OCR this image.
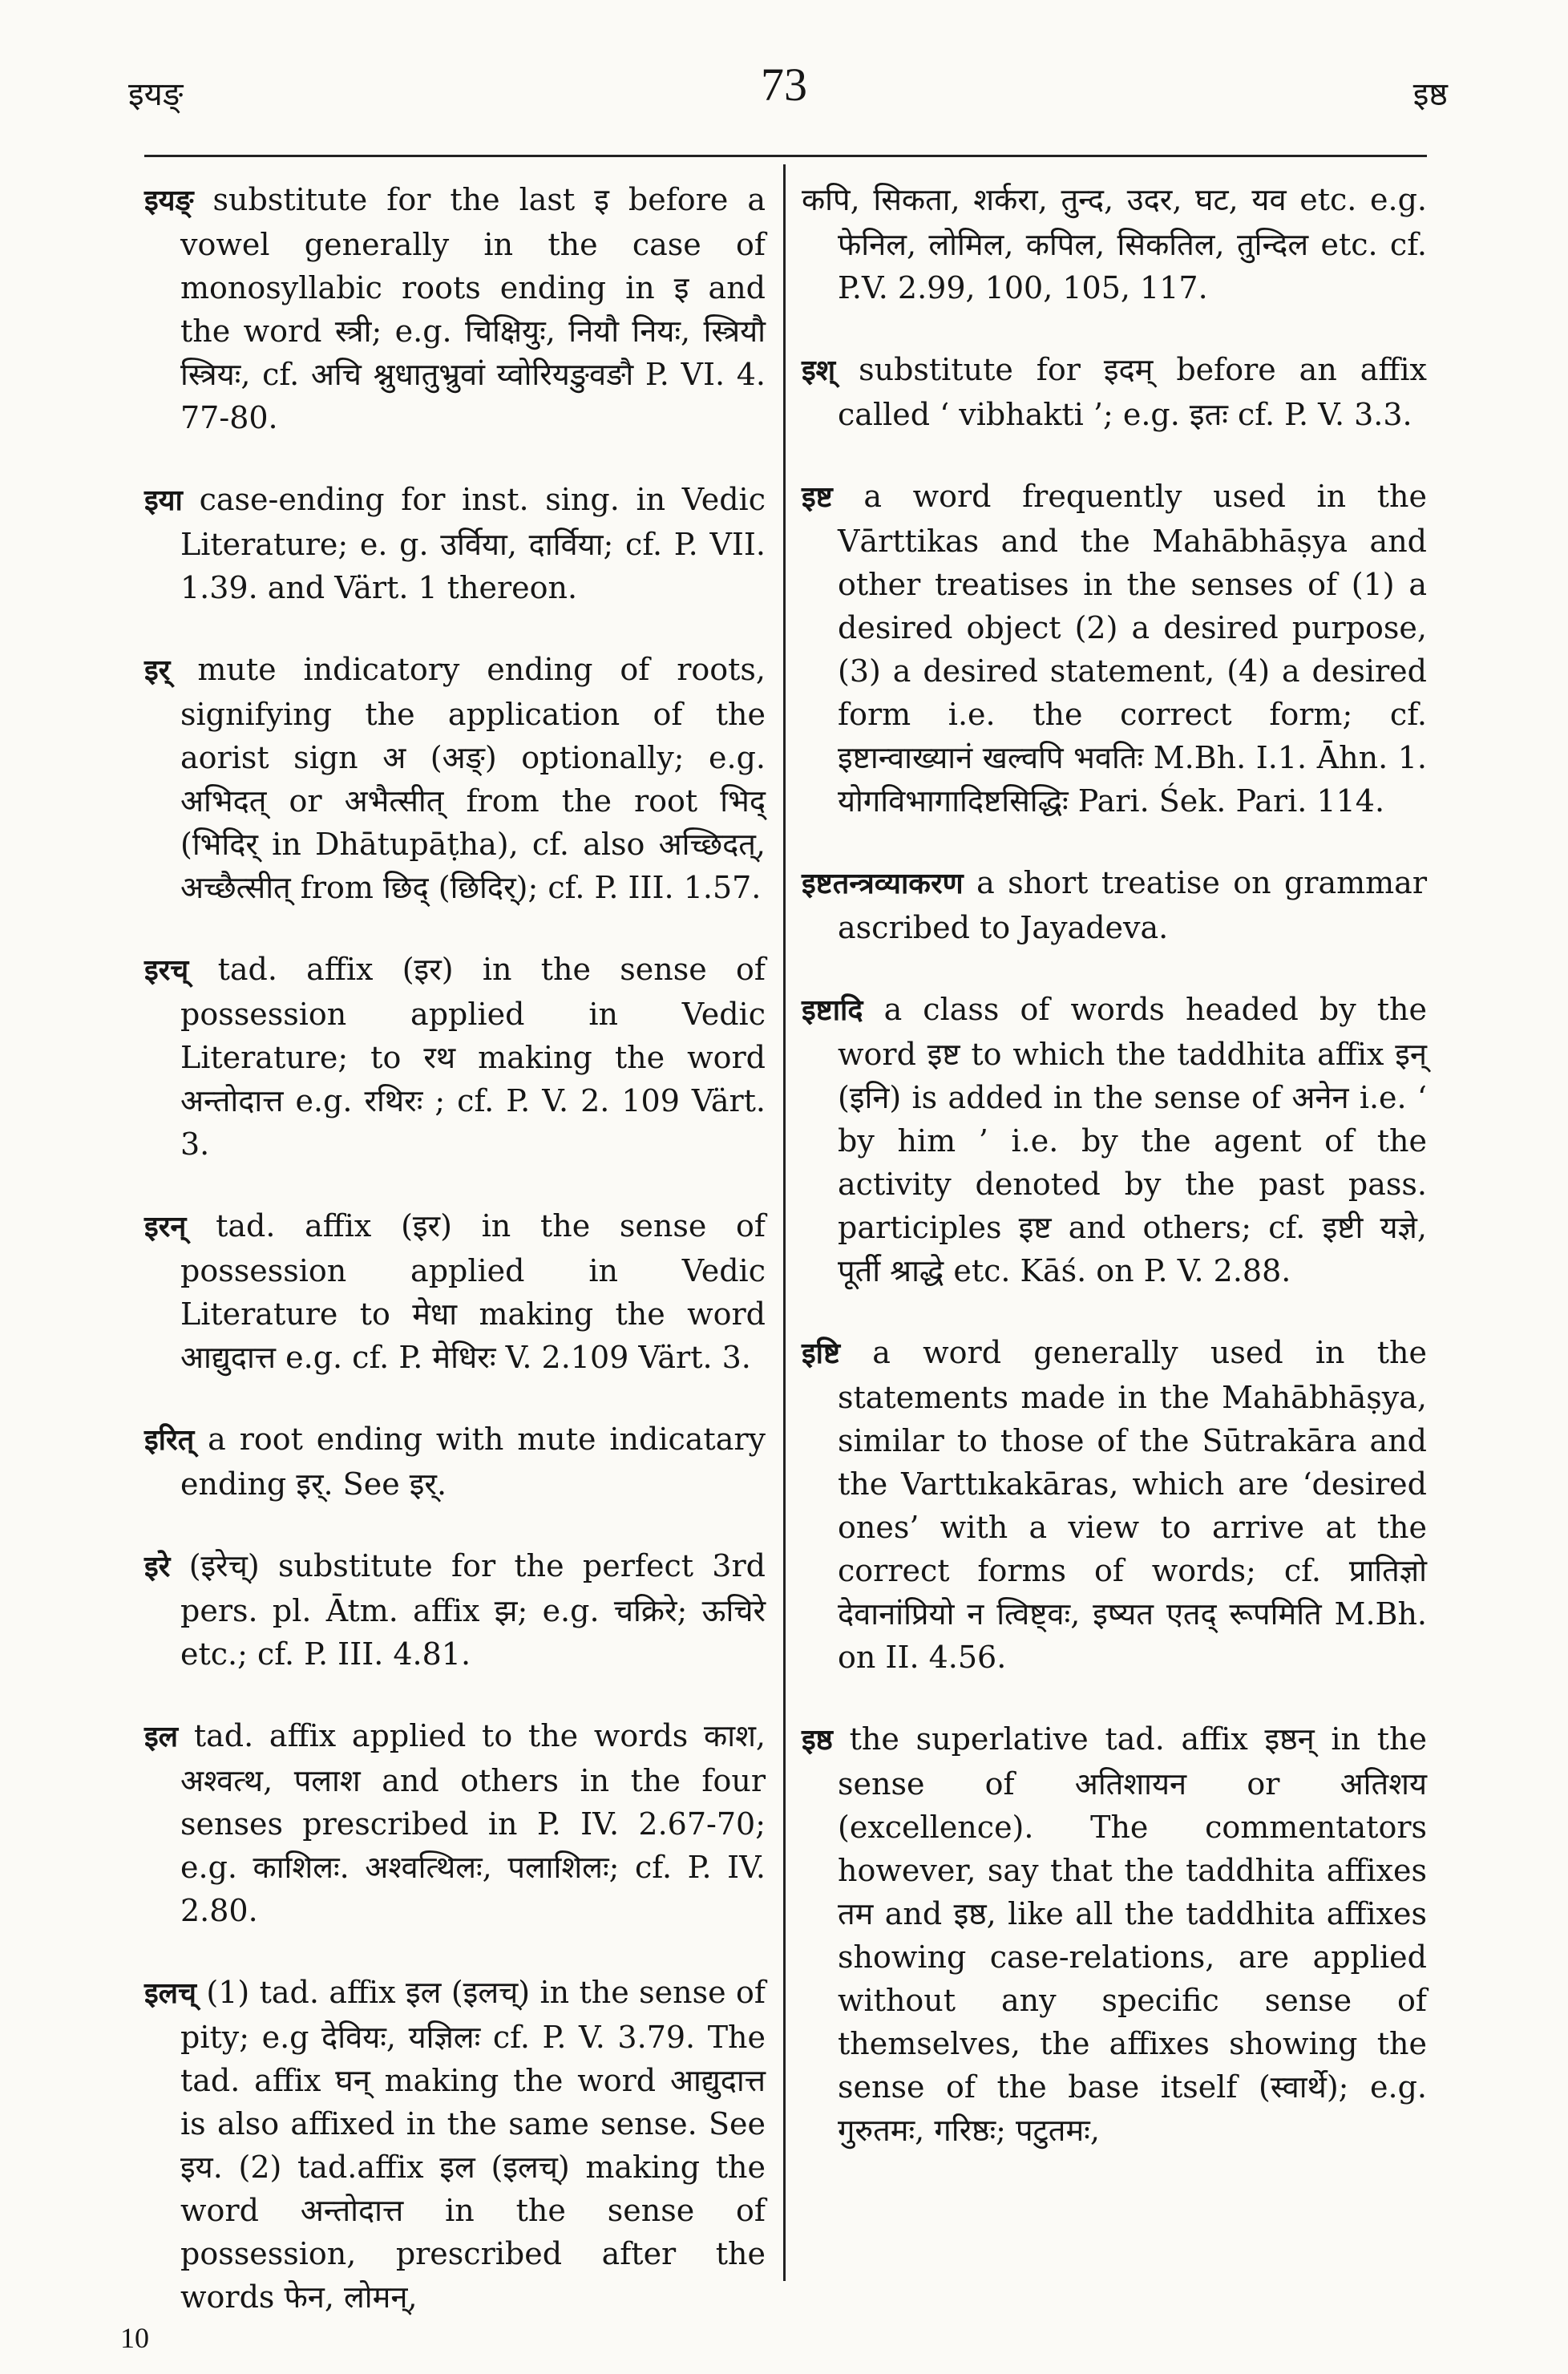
इयङ्	73	इष्ठ

इयङ् substitute for the last इ before a vowel generally in the case of monosyllabic roots ending in इ and the word स्त्री; e.g. चिक्षियुः, नियौ नियः, स्त्रियौ स्त्रियः, cf. अचि श्नुधातुभ्रुवां य्वोरियङुवङौ P. VI. 4. 77-80.

इया case-ending for inst. sing. in Vedic Literature; e. g. उर्विया, दार्विया; cf. P. VII. 1.39. and Värt. 1 thereon.

इर् mute indicatory ending of roots, signifying the application of the aorist sign अ (अङ्) optionally; e.g. अभिदत् or अभैत्सीत् from the root भिद् (भिदिर् in Dhātupāṭha), cf. also अच्छिदत्, अच्छैत्सीत् from छिद् (छिदिर्); cf. P. III. 1.57.

इरच् tad. affix (इर) in the sense of possession applied in Vedic Literature; to रथ making the word अन्तोदात्त e.g. रथिरः ; cf. P. V. 2. 109 Värt. 3.

इरन् tad. affix (इर) in the sense of possession applied in Vedic Literature to मेधा making the word आद्युदात्त e.g. cf. P. मेधिरः V. 2.109 Värt. 3.

इरित् a root ending with mute indicatary ending इर्. See इर्.

इरे (इरेच्) substitute for the perfect 3rd pers. pl. Ātm. affix झ; e.g. चक्रिरे; ऊचिरे etc.; cf. P. III. 4.81.

इल tad. affix applied to the words काश, अश्वत्थ, पलाश and others in the four senses prescribed in P. IV. 2.67-70; e.g. काशिलः. अश्वत्थिलः, पलाशिलः; cf. P. IV. 2.80.

इलच् (1) tad. affix इल (इलच्) in the sense of pity; e.g देवियः, यज्ञिलः cf. P. V. 3.79. The tad. affix घन् making the word आद्युदात्त is also affixed in the same sense. See इय. (2) tad.affix इल (इलच्) making the word अन्तोदात्त in the sense of possession, prescribed after the words फेन, लोमन्,

कपि, सिकता, शर्करा, तुन्द, उदर, घट, यव etc. e.g. फेनिल, लोमिल, कपिल, सिकतिल, तुन्दिल etc. cf. P.V. 2.99, 100, 105, 117.

इश् substitute for इदम् before an affix called ‘ vibhakti ’; e.g. इतः cf. P. V. 3.3.

इष्ट a word frequently used in the Vārttikas and the Mahābhāṣya and other treatises in the senses of (1) a desired object (2) a desired purpose, (3) a desired statement, (4) a desired form i.e. the correct form; cf. इष्टान्वाख्यानं खल्वपि भवतिः M.Bh. I.1. Āhn. 1. योगविभागादिष्टसिद्धिः Pari. Śek. Pari. 114.

इष्टतन्त्रव्याकरण a short treatise on grammar ascribed to Jayadeva.

इष्टादि a class of words headed by the word इष्ट to which the taddhita affix इन् (इनि) is added in the sense of अनेन i.e. ‘ by him ’ i.e. by the agent of the activity denoted by the past pass. participles इष्ट and others; cf. इष्टी यज्ञे, पूर्ती श्राद्धे etc. Kāś. on P. V. 2.88.

इष्टि a word generally used in the statements made in the Mahābhāṣya, similar to those of the Sūtrakāra and the Varttıkakāras, which are ‘desired ones’ with a view to arrive at the correct forms of words; cf. प्रातिज्ञो देवानांप्रियो न त्विष्ट्वः, इष्यत एतद् रूपमिति M.Bh. on II. 4.56.

इष्ठ the superlative tad. affix इष्ठन् in the sense of अतिशायन or अतिशय (excellence). The commentators however, say that the taddhita affixes तम and इष्ठ, like all the taddhita affixes showing case-relations, are applied without any specific sense of themselves, the affixes showing the sense of the base itself (स्वार्थे); e.g. गुरुतमः, गरिष्ठः; पटुतमः,

10
